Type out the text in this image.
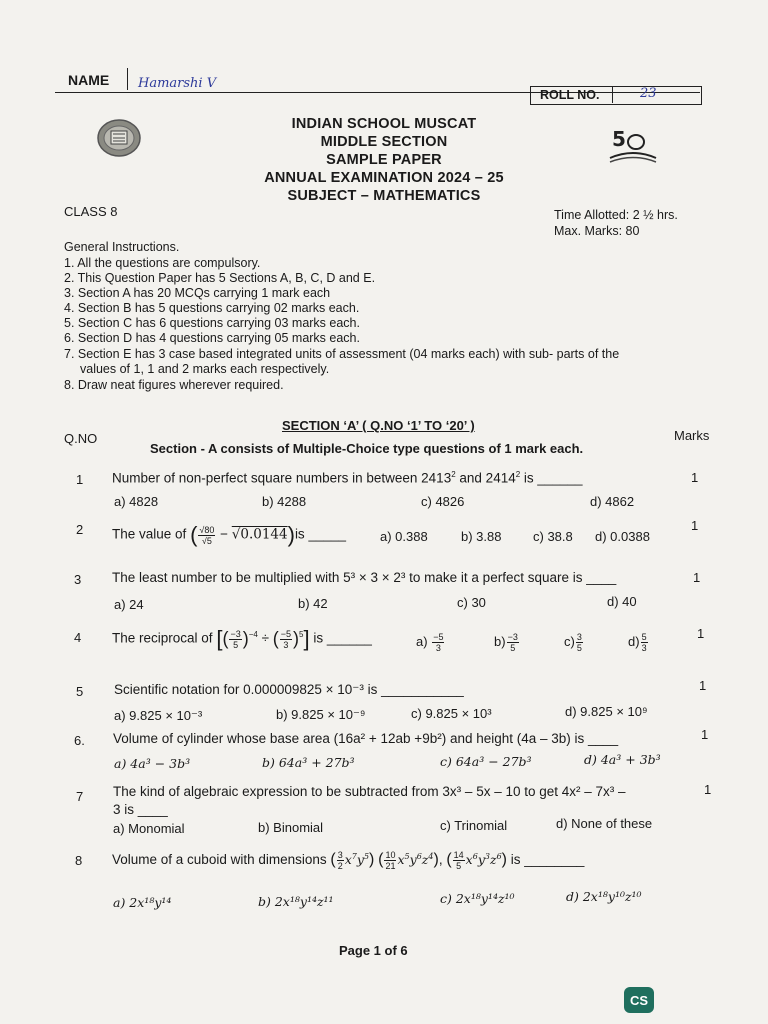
NAME Hamarshi V
ROLL NO.	23
5
INDIAN SCHOOL MUSCAT
MIDDLE SECTION
SAMPLE PAPER
ANNUAL EXAMINATION 2024 – 25
SUBJECT – MATHEMATICS
CLASS 8	Time Allotted: 2 ½ hrs.
Max. Marks: 80
General Instructions.
1. All the questions are compulsory.
2. This Question Paper has 5 Sections A, B, C, D and E.
3. Section A has 20 MCQs carrying 1 mark each
4. Section B has 5 questions carrying 02 marks each.
5. Section C has 6 questions carrying 03 marks each.
6. Section D has 4 questions carrying 05 marks each.
7. Section E has 3 case based integrated units of assessment (04 marks each) with sub- parts of the
values of 1, 1 and 2 marks each respectively.
8. Draw neat figures wherever required.
SECTION ‘A’ ( Q.NO ‘1’ TO ‘20’ )
Q.NO	Marks
Section - A consists of Multiple-Choice type questions of 1 mark each.
1 Number of non-perfect square numbers in between 2413$^2$ and 2414$^2$ is ______	1
a) 4828	b) 4288	c) 4826	d) 4862
2 The value of ( $\frac{√80}{√5} - √0.0144)is$ _____	a) 0.388	b) 3.88 c) 38.8 d) 0.0388
1
3 The least number to be multiplied with 5³ × 3 × 2³ to make it a perfect square is ____	1
a) 24	b) 42	c) 30	d) 40
4 The reciprocal of [( $\frac{-3}{5} )^{-4}$ ÷ ( $\frac{-5}{3} )^5$] is ______	$a) \frac{-5}{3}$	$b) \frac{-3}{5}$	$c) \frac{3}{5}$	$d) \frac{5}{3}$	1
5 Scientific notation for 0.000009825 × 10⁻³ is ___________	1
a) 9.825 × 10⁻³	b) 9.825 × 10⁻⁹	c) 9.825 × 10³	d) 9.825 × 10⁹
6. Volume of cylinder whose base area (16a² + 12ab +9b²) and height (4a – 3b) is ____	1
a) 4a³ − 3b³	b) 64a³ + 27b³	c) 64a³ − 27b³	d) 4a³ + 3b³
7 The kind of algebraic expression to be subtracted from 3x³ – 5x – 10 to get 4x² – 7x³ –
3 is ____
1
a) Monomial	b) Binomial	c) Trinomial	d) None of these
8 Volume of a cuboid with dimensions ( $\frac{3}{2} x^7y^5$) ( $\frac{10}{21} x^5y^6z^4$), ( $\frac{14}{5} x^6y^3z^6$) is ________
a) 2x¹⁸y¹⁴	b) 2x¹⁸y¹⁴z¹¹	c) 2x¹⁸y¹⁴z¹⁰	d) 2x¹⁸y¹⁰z¹⁰
Page 1 of 6
CS
